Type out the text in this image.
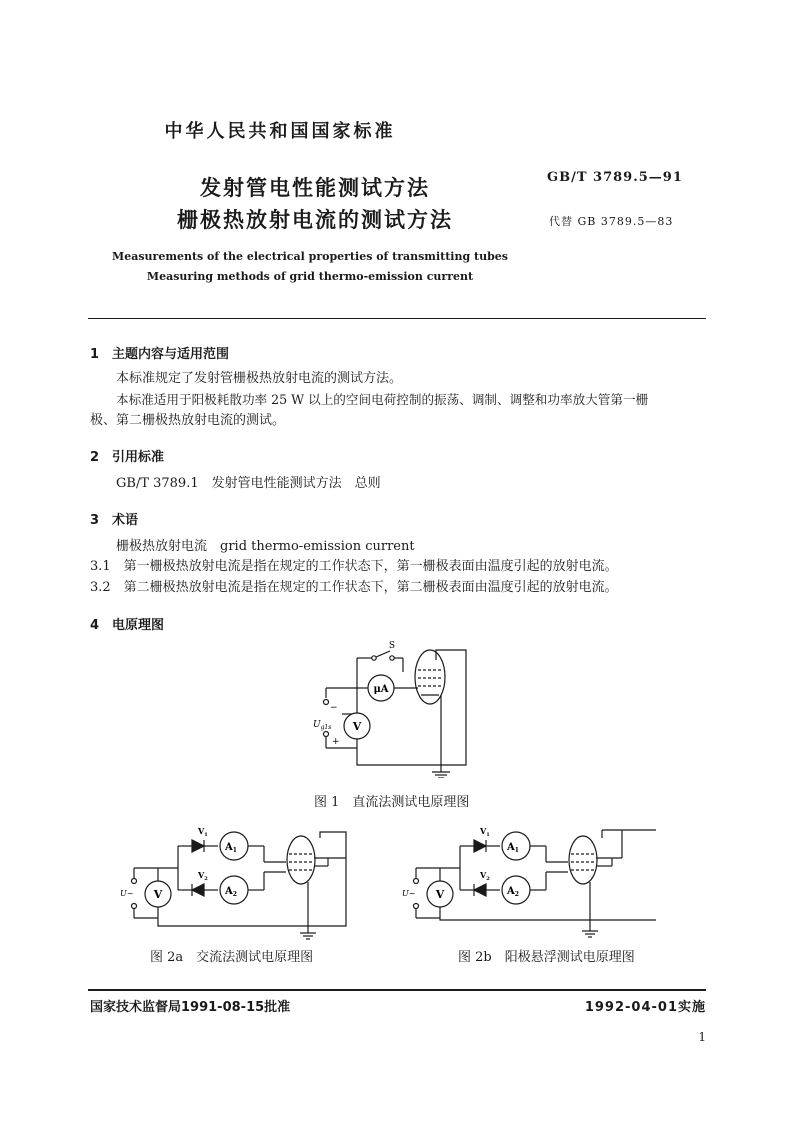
中华人民共和国国家标准
发射管电性能测试方法
栅极热放射电流的测试方法
GB/T 3789.5—91
代替 GB 3789.5—83
Measurements of the electrical properties of transmitting tubes
Measuring methods of grid thermo-emission current
1　主题内容与适用范围
本标准规定了发射管栅极热放射电流的测试方法。
本标准适用于阳极耗散功率 25 W 以上的空间电荷控制的振荡、调制、调整和功率放大管第一栅
极、第二栅极热放射电流的测试。
2　引用标准
GB/T 3789.1　发射管电性能测试方法　总则
3　术语
栅极热放射电流　grid thermo-emission current
3.1　第一栅极热放射电流是指在规定的工作状态下，第一栅极表面由温度引起的放射电流。
3.2　第二栅极热放射电流是指在规定的工作状态下，第二栅极表面由温度引起的放射电流。
4　电原理图
S
μA
V
$U_{g1s}$
−
+
图 1　直流法测试电原理图
$V_1$
$V_2$
$A_1$
$A_2$
V
U~
图 2a　交流法测试电原理图
$V_1$
$V_2$
$A_1$
$A_2$
V
U~
图 2b　阳极悬浮测试电原理图
国家技术监督局1991-08-15批准	1992-04-01实施
1
